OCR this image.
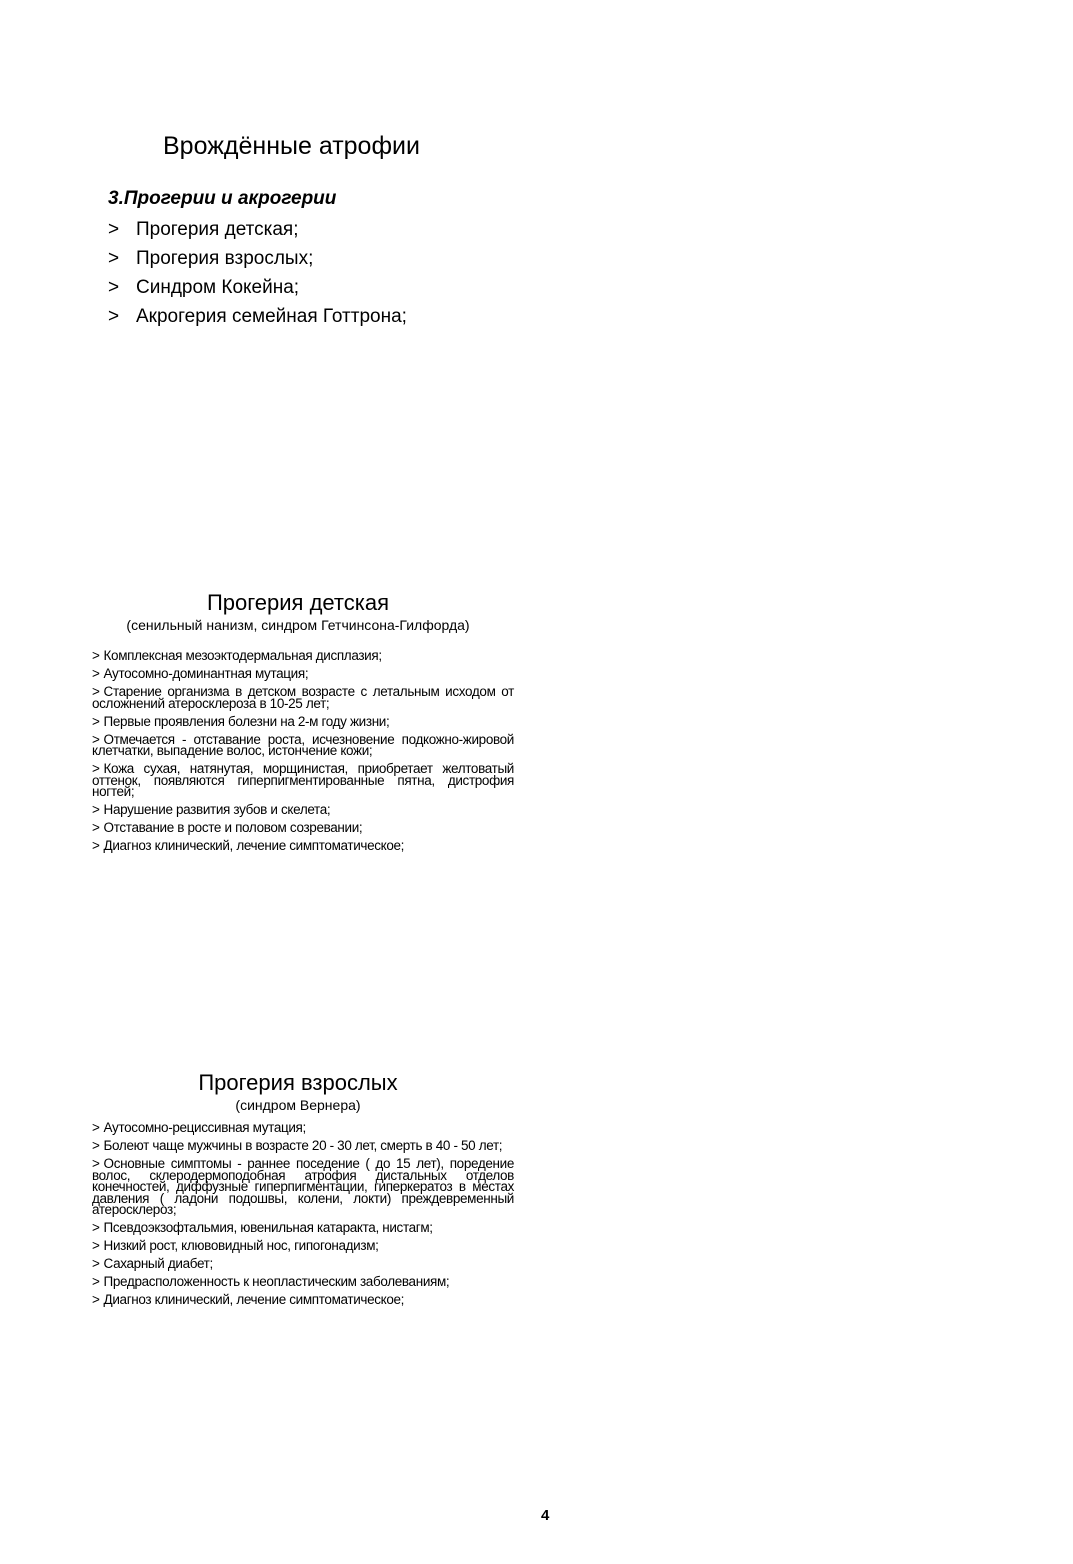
Врождённые атрофии
3.Прогерии и акрогерии
> Прогерия детская;
> Прогерия взрослых;
> Синдром Кокейна;
> Акрогерия семейная Готтрона;
Прогерия детская
(сенильный нанизм, синдром Гетчинсона-Гилфорда)
> Комплексная мезоэктодермальная дисплазия;
> Аутосомно-доминантная мутация;
> Старение организма в детском возрасте с летальным исходом от осложнений атеросклероза в 10-25 лет;
> Первые проявления болезни на 2-м году жизни;
> Отмечается - отставание роста, исчезновение подкожно-жировой клетчатки, выпадение волос, истончение кожи;
> Кожа сухая, натянутая, морщинистая, приобретает желтоватый оттенок, появляются гиперпигментированные пятна, дистрофия ногтей;
> Нарушение развития зубов и скелета;
> Отставание в росте и половом созревании;
> Диагноз клинический, лечение симптоматическое;
Прогерия взрослых
(синдром Вернера)
> Аутосомно-рециссивная мутация;
> Болеют чаще мужчины в возрасте 20 - 30 лет, смерть в 40 - 50 лет;
> Основные симптомы - раннее поседение ( до 15 лет), поредение волос, склеродермоподобная атрофия дистальных отделов конечностей, диффузные гиперпигментации, гиперкератоз в местах давления ( ладони подошвы, колени, локти) преждевременный атеросклероз;
> Псевдоэкзофтальмия, ювенильная катаракта, нистагм;
> Низкий рост, клювовидный нос, гипогонадизм;
> Сахарный диабет;
> Предрасположенность к неопластическим заболеваниям;
> Диагноз клинический, лечение симптоматическое;
4
